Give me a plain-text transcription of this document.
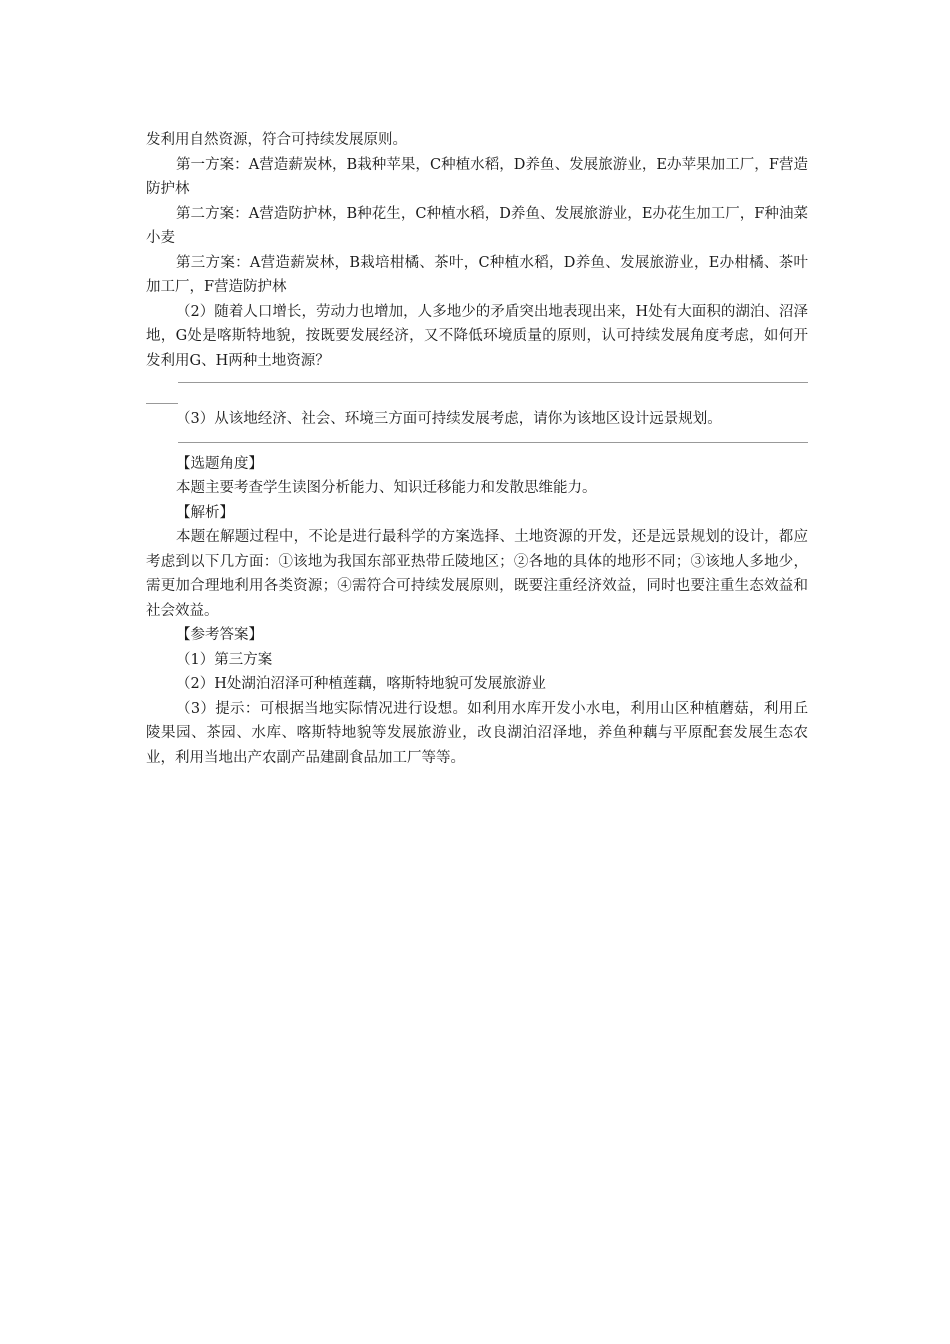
发利用自然资源，符合可持续发展原则。

第一方案：A营造薪炭林，B栽种苹果，C种植水稻，D养鱼、发展旅游业，E办苹果加工厂，F营造防护林

第二方案：A营造防护林，B种花生，C种植水稻，D养鱼、发展旅游业，E办花生加工厂，F种油菜小麦

第三方案：A营造薪炭林，B栽培柑橘、茶叶，C种植水稻，D养鱼、发展旅游业，E办柑橘、茶叶加工厂，F营造防护林

（2）随着人口增长，劳动力也增加，人多地少的矛盾突出地表现出来，H处有大面积的湖泊、沼泽地，G处是喀斯特地貌，按既要发展经济，又不降低环境质量的原则，认可持续发展角度考虑，如何开发利用G、H两种土地资源？

（3）从该地经济、社会、环境三方面可持续发展考虑，请你为该地区设计远景规划。

【选题角度】

本题主要考查学生读图分析能力、知识迁移能力和发散思维能力。

【解析】

本题在解题过程中，不论是进行最科学的方案选择、土地资源的开发，还是远景规划的设计，都应考虑到以下几方面：①该地为我国东部亚热带丘陵地区；②各地的具体的地形不同；③该地人多地少，需更加合理地利用各类资源；④需符合可持续发展原则，既要注重经济效益，同时也要注重生态效益和社会效益。

【参考答案】

（1）第三方案

（2）H处湖泊沼泽可种植莲藕，喀斯特地貌可发展旅游业

（3）提示：可根据当地实际情况进行设想。如利用水库开发小水电，利用山区种植蘑菇，利用丘陵果园、茶园、水库、喀斯特地貌等发展旅游业，改良湖泊沼泽地，养鱼种藕与平原配套发展生态农业，利用当地出产农副产品建副食品加工厂等等。
